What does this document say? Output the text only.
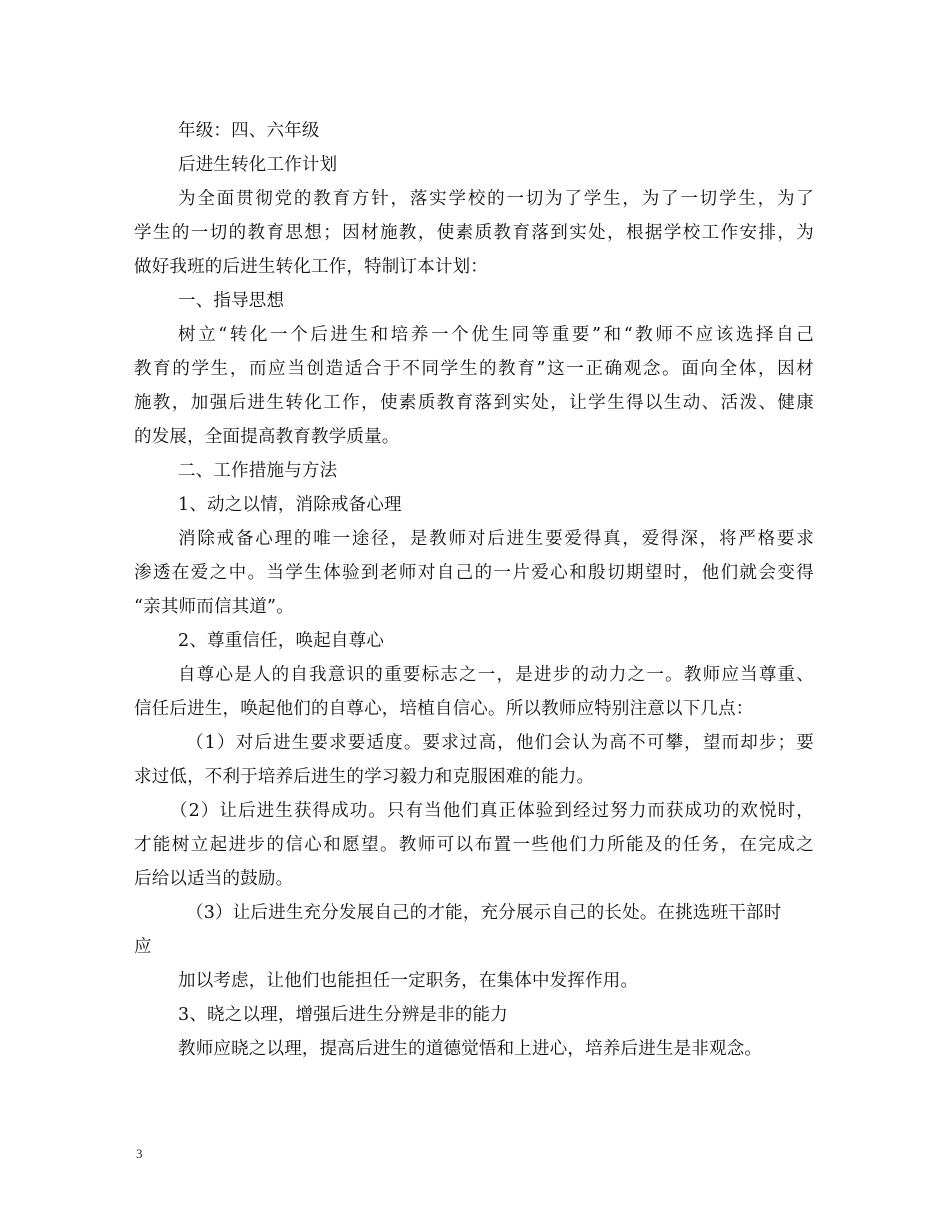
年级：四、六年级

后进生转化工作计划

为全面贯彻党的教育方针，落实学校的一切为了学生，为了一切学生，为了

学生的一切的教育思想；因材施教，使素质教育落到实处，根据学校工作安排，为

做好我班的后进生转化工作，特制订本计划：

一、指导思想

树立“转化一个后进生和培养一个优生同等重要”和“教师不应该选择自己

教育的学生，而应当创造适合于不同学生的教育”这一正确观念。面向全体，因材

施教，加强后进生转化工作，使素质教育落到实处，让学生得以生动、活泼、健康

的发展，全面提高教育教学质量。

二、工作措施与方法

1、动之以情，消除戒备心理

消除戒备心理的唯一途径，是教师对后进生要爱得真，爱得深，将严格要求

渗透在爱之中。当学生体验到老师对自己的一片爱心和殷切期望时，他们就会变得

“亲其师而信其道”。

2、尊重信任，唤起自尊心

自尊心是人的自我意识的重要标志之一，是进步的动力之一。教师应当尊重、

信任后进生，唤起他们的自尊心，培植自信心。所以教师应特别注意以下几点：

（1）对后进生要求要适度。要求过高，他们会认为高不可攀，望而却步；要

求过低，不利于培养后进生的学习毅力和克服困难的能力。

（2）让后进生获得成功。只有当他们真正体验到经过努力而获成功的欢悦时，

才能树立起进步的信心和愿望。教师可以布置一些他们力所能及的任务，在完成之

后给以适当的鼓励。

（3）让后进生充分发展自己的才能，充分展示自己的长处。在挑选班干部时

应

加以考虑，让他们也能担任一定职务，在集体中发挥作用。

3、晓之以理，增强后进生分辨是非的能力

教师应晓之以理，提高后进生的道德觉悟和上进心，培养后进生是非观念。

3
